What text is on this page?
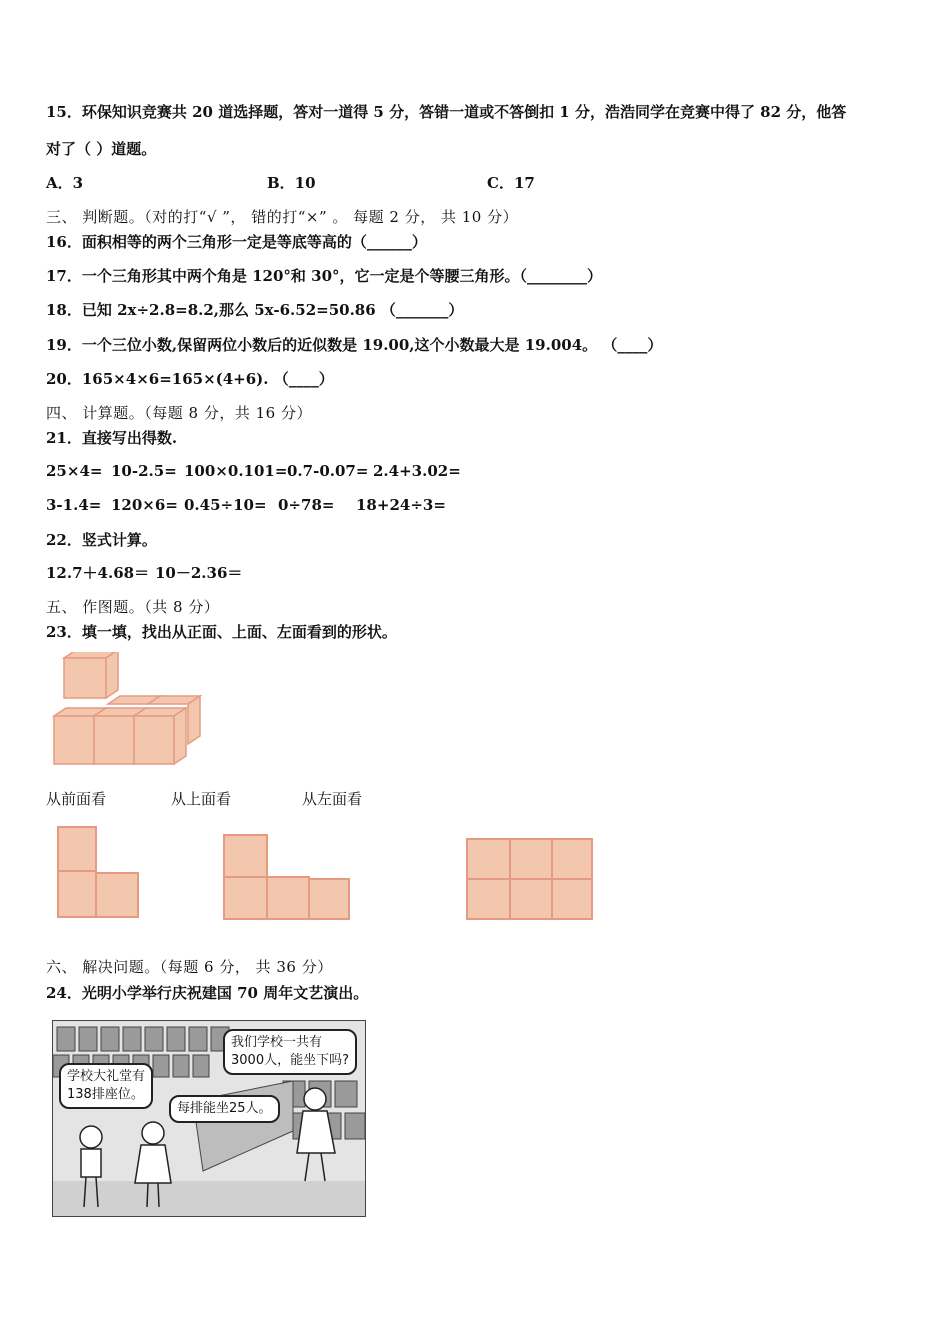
15．环保知识竞赛共 20 道选择题，答对一道得 5 分，答错一道或不答倒扣 1 分，浩浩同学在竞赛中得了 82 分，他答
对了（ ）道题。
A．3	B．10	C．17
三、 判断题。（对的打“√ ”， 错的打“×” 。 每题 2 分， 共 10 分）
16．面积相等的两个三角形一定是等底等高的（______）
17．一个三角形其中两个角是 120°和 30°，它一定是个等腰三角形。（________）
18．已知 2x÷2.8=8.2,那么 5x-6.52=50.86 （_______）
19．一个三位小数,保留两位小数后的近似数是 19.00,这个小数最大是 19.004。 （____）
20．165×4×6=165×(4+6). （____）
四、 计算题。（每题 8 分，共 16 分）
21．直接写出得数.
25×4= 10-2.5= 100×0.101= 0.7-0.07= 2.4+3.02=
3-1.4= 120×6= 0.45÷10= 0÷78= 18+24÷3=
22．竖式计算。
12.7＋4.68＝ 10－2.36＝
五、 作图题。（共 8 分）
23．填一填，找出从正面、上面、左面看到的形状。
从前面看	从上面看	从左面看
六、 解决问题。（每题 6 分， 共 36 分）
24．光明小学举行庆祝建国 70 周年文艺演出。
学校大礼堂有
138排座位。
每排能坐25人。
我们学校一共有
3000人，能坐下吗?
